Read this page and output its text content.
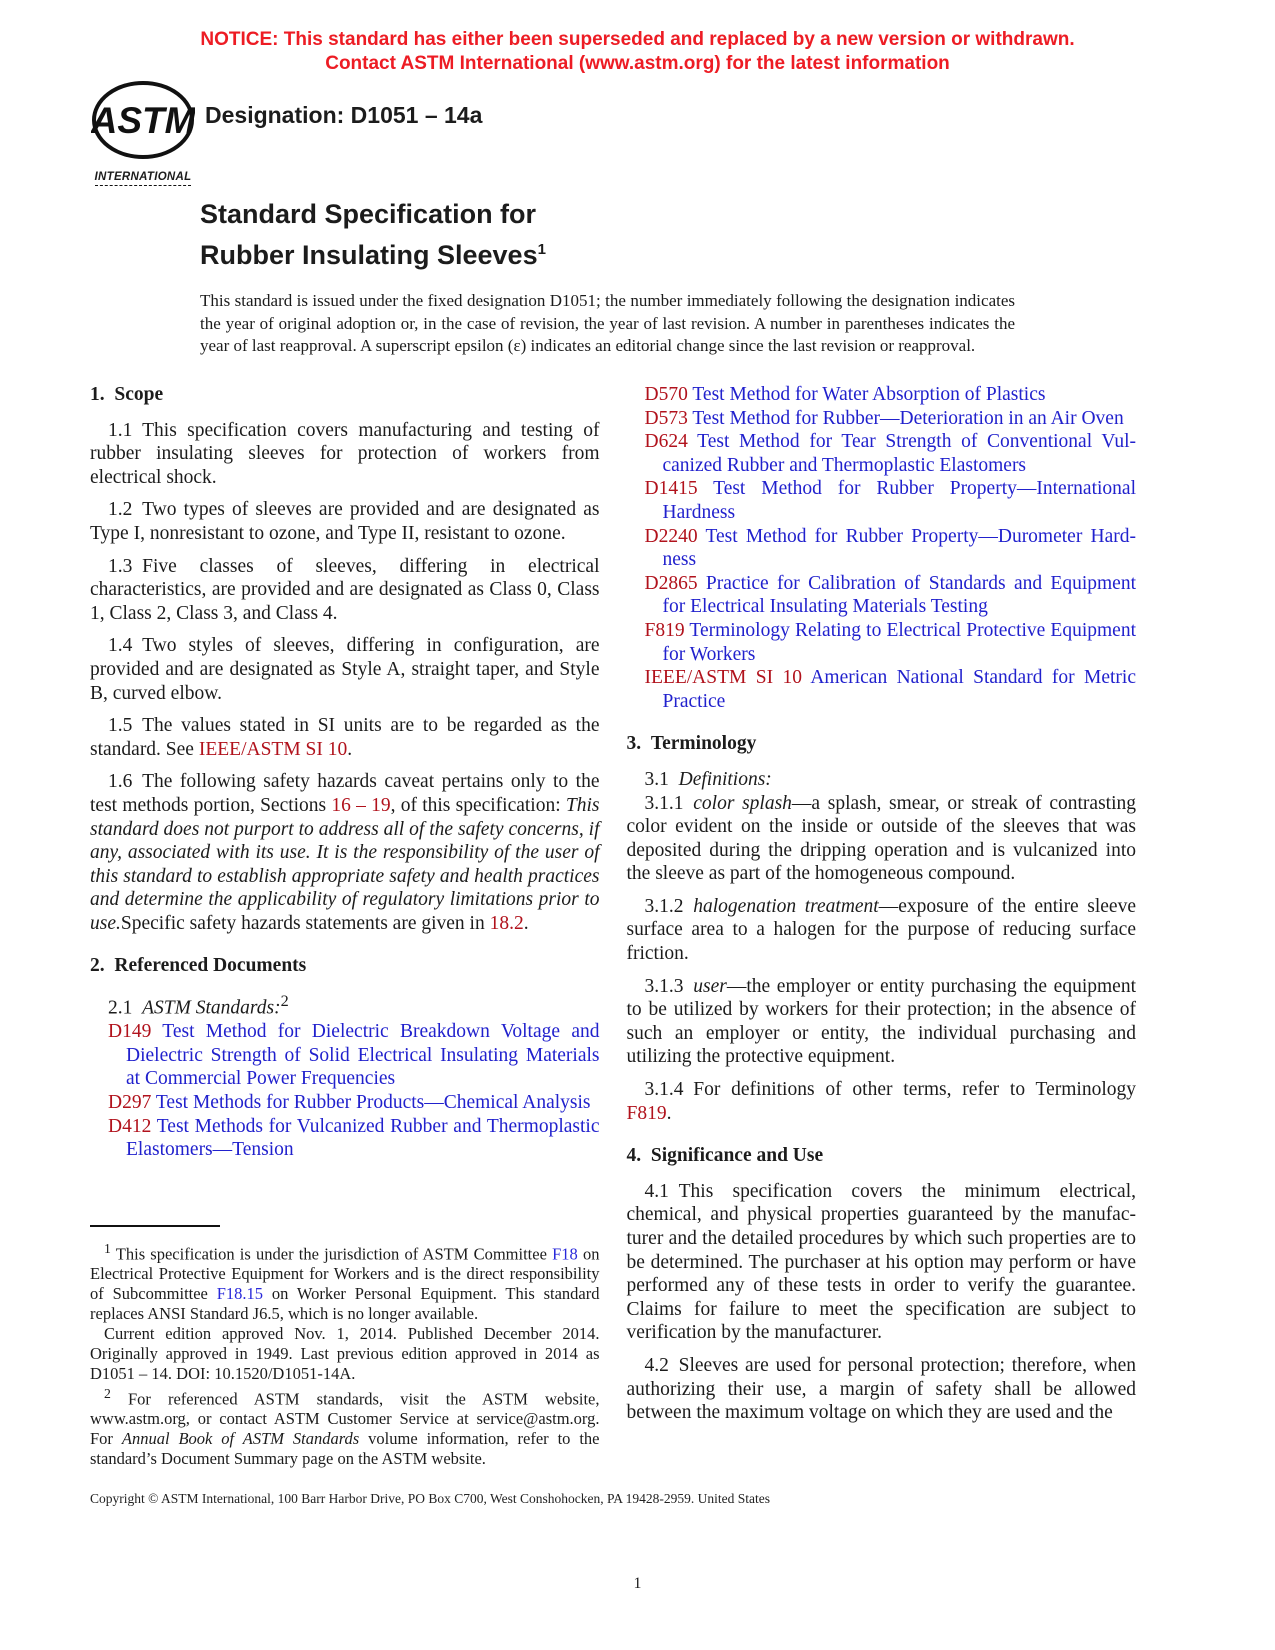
NOTICE: This standard has either been superseded and replaced by a new version or withdrawn.
Contact ASTM International (www.astm.org) for the latest information
ASTM
INTERNATIONAL
Designation: D1051 – 14a
Standard Specification for
Rubber Insulating Sleeves$^1$
This standard is issued under the fixed designation D1051; the number immediately following the designation indicates the year of original adoption or, in the case of revision, the year of last revision. A number in parentheses indicates the year of last reapproval. A superscript epsilon (ε) indicates an editorial change since the last revision or reapproval.

1. Scope

1.1 This specification covers manufacturing and testing of rubber insulating sleeves for protection of workers from electrical shock.

1.2 Two types of sleeves are provided and are designated as Type I, nonresistant to ozone, and Type II, resistant to ozone.

1.3 Five classes of sleeves, differing in electrical characteristics, are provided and are designated as Class 0, Class 1, Class 2, Class 3, and Class 4.

1.4 Two styles of sleeves, differing in configuration, are provided and are designated as Style A, straight taper, and Style B, curved elbow.

1.5 The values stated in SI units are to be regarded as the standard. See IEEE/ASTM SI 10.

1.6 The following safety hazards caveat pertains only to the test methods portion, Sections 16 – 19, of this specification: This standard does not purport to address all of the safety concerns, if any, associated with its use. It is the responsibility of the user of this standard to establish appropriate safety and health practices and determine the applicability of regulatory limitations prior to use.Specific safety hazards statements are given in 18.2.

2. Referenced Documents

2.1 ASTM Standards:$^2$

D149 Test Method for Dielectric Breakdown Voltage and Dielectric Strength of Solid Electrical Insulating Materials at Commercial Power Frequencies

D297 Test Methods for Rubber Products—Chemical Analysis

D412 Test Methods for Vulcanized Rubber and Thermoplastic Elastomers—Tension

$^1$ This specification is under the jurisdiction of ASTM Committee F18 on Electrical Protective Equipment for Workers and is the direct responsibility of Subcommittee F18.15 on Worker Personal Equipment. This standard replaces ANSI Standard J6.5, which is no longer available.

Current edition approved Nov. 1, 2014. Published December 2014. Originally approved in 1949. Last previous edition approved in 2014 as D1051 – 14. DOI: 10.1520/D1051-14A.

$^2$ For referenced ASTM standards, visit the ASTM website, www.astm.org, or contact ASTM Customer Service at service@astm.org. For Annual Book of ASTM Standards volume information, refer to the standard’s Document Summary page on the ASTM website.

D570 Test Method for Water Absorption of Plastics

D573 Test Method for Rubber—Deterioration in an Air Oven

D624 Test Method for Tear Strength of Conventional Vulcanized Rubber and Thermoplastic Elastomers

D1415 Test Method for Rubber Property—International Hardness

D2240 Test Method for Rubber Property—Durometer Hardness

D2865 Practice for Calibration of Standards and Equipment for Electrical Insulating Materials Testing

F819 Terminology Relating to Electrical Protective Equipment for Workers

IEEE/ASTM SI 10 American National Standard for Metric Practice

3. Terminology

3.1 Definitions:

3.1.1 color splash—a splash, smear, or streak of contrasting color evident on the inside or outside of the sleeves that was deposited during the dripping operation and is vulcanized into the sleeve as part of the homogeneous compound.

3.1.2 halogenation treatment—exposure of the entire sleeve surface area to a halogen for the purpose of reducing surface friction.

3.1.3 user—the employer or entity purchasing the equipment to be utilized by workers for their protection; in the absence of such an employer or entity, the individual purchasing and utilizing the protective equipment.

3.1.4 For definitions of other terms, refer to Terminology F819.

4. Significance and Use

4.1 This specification covers the minimum electrical, chemical, and physical properties guaranteed by the manufacturer and the detailed procedures by which such properties are to be determined. The purchaser at his option may perform or have performed any of these tests in order to verify the guarantee. Claims for failure to meet the specification are subject to verification by the manufacturer.

4.2 Sleeves are used for personal protection; therefore, when authorizing their use, a margin of safety shall be allowed between the maximum voltage on which they are used and the

Copyright © ASTM International, 100 Barr Harbor Drive, PO Box C700, West Conshohocken, PA 19428-2959. United States
1
